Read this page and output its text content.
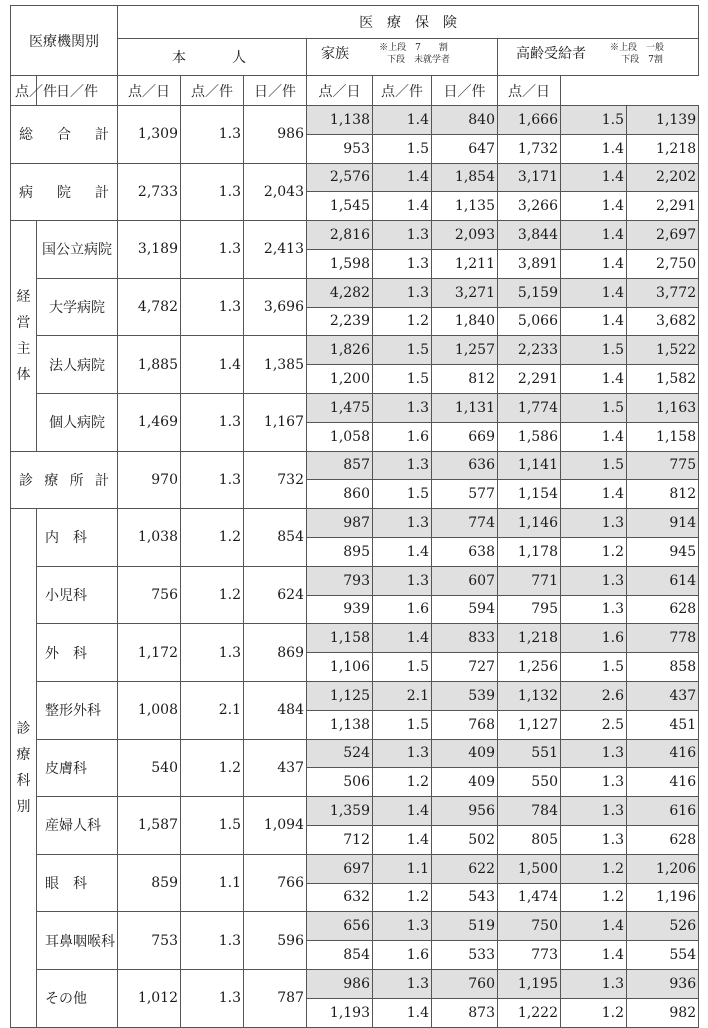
医療機関別		医　療　保　険								
		本　　人			家族 ※上段　7　　割
下段　未就学者			高齢受給者 ※上段　一般
下段　7割		

点／件	日／件	点／日	点／件	日／件	点／日	点／件	日／件	点／日		
総合計		1,309	1.3	986	1,138	1.4	840	1,666	1.5	1,139
					953	1.5	647	1,732	1.4	1,218
病院計		2,733	1.3	2,043	2,576	1.4	1,854	3,171	1.4	2,202
					1,545	1.4	1,135	3,266	1.4	2,291

経
営
主
体	国公立病院	3,189	1.3	2,413	2,816	1.3	2,093	3,844	1.4	2,697
					1,598	1.3	1,211	3,891	1.4	2,750
	大学病院	4,782	1.3	3,696	4,282	1.3	3,271	5,159	1.4	3,772
					2,239	1.2	1,840	5,066	1.4	3,682
	法人病院	1,885	1.4	1,385	1,826	1.5	1,257	2,233	1.5	1,522
					1,200	1.5	812	2,291	1.4	1,582
	個人病院	1,469	1.3	1,167	1,475	1.3	1,131	1,774	1.5	1,163
					1,058	1.6	669	1,586	1.4	1,158
診療所計		970	1.3	732	857	1.3	636	1,141	1.5	775
					860	1.5	577	1,154	1.4	812

診
療
科
別	内　科	1,038	1.2	854	987	1.3	774	1,146	1.3	914
					895	1.4	638	1,178	1.2	945
	小児科	756	1.2	624	793	1.3	607	771	1.3	614
					939	1.6	594	795	1.3	628
	外　科	1,172	1.3	869	1,158	1.4	833	1,218	1.6	778
					1,106	1.5	727	1,256	1.5	858
	整形外科	1,008	2.1	484	1,125	2.1	539	1,132	2.6	437
					1,138	1.5	768	1,127	2.5	451
	皮膚科	540	1.2	437	524	1.3	409	551	1.3	416
					506	1.2	409	550	1.3	416
	産婦人科	1,587	1.5	1,094	1,359	1.4	956	784	1.3	616
					712	1.4	502	805	1.3	628
	眼　科	859	1.1	766	697	1.1	622	1,500	1.2	1,206
					632	1.2	543	1,474	1.2	1,196
	耳鼻咽喉科	753	1.3	596	656	1.3	519	750	1.4	526
					854	1.6	533	773	1.4	554
	その他	1,012	1.3	787	986	1.3	760	1,195	1.3	936
					1,193	1.4	873	1,222	1.2	982
